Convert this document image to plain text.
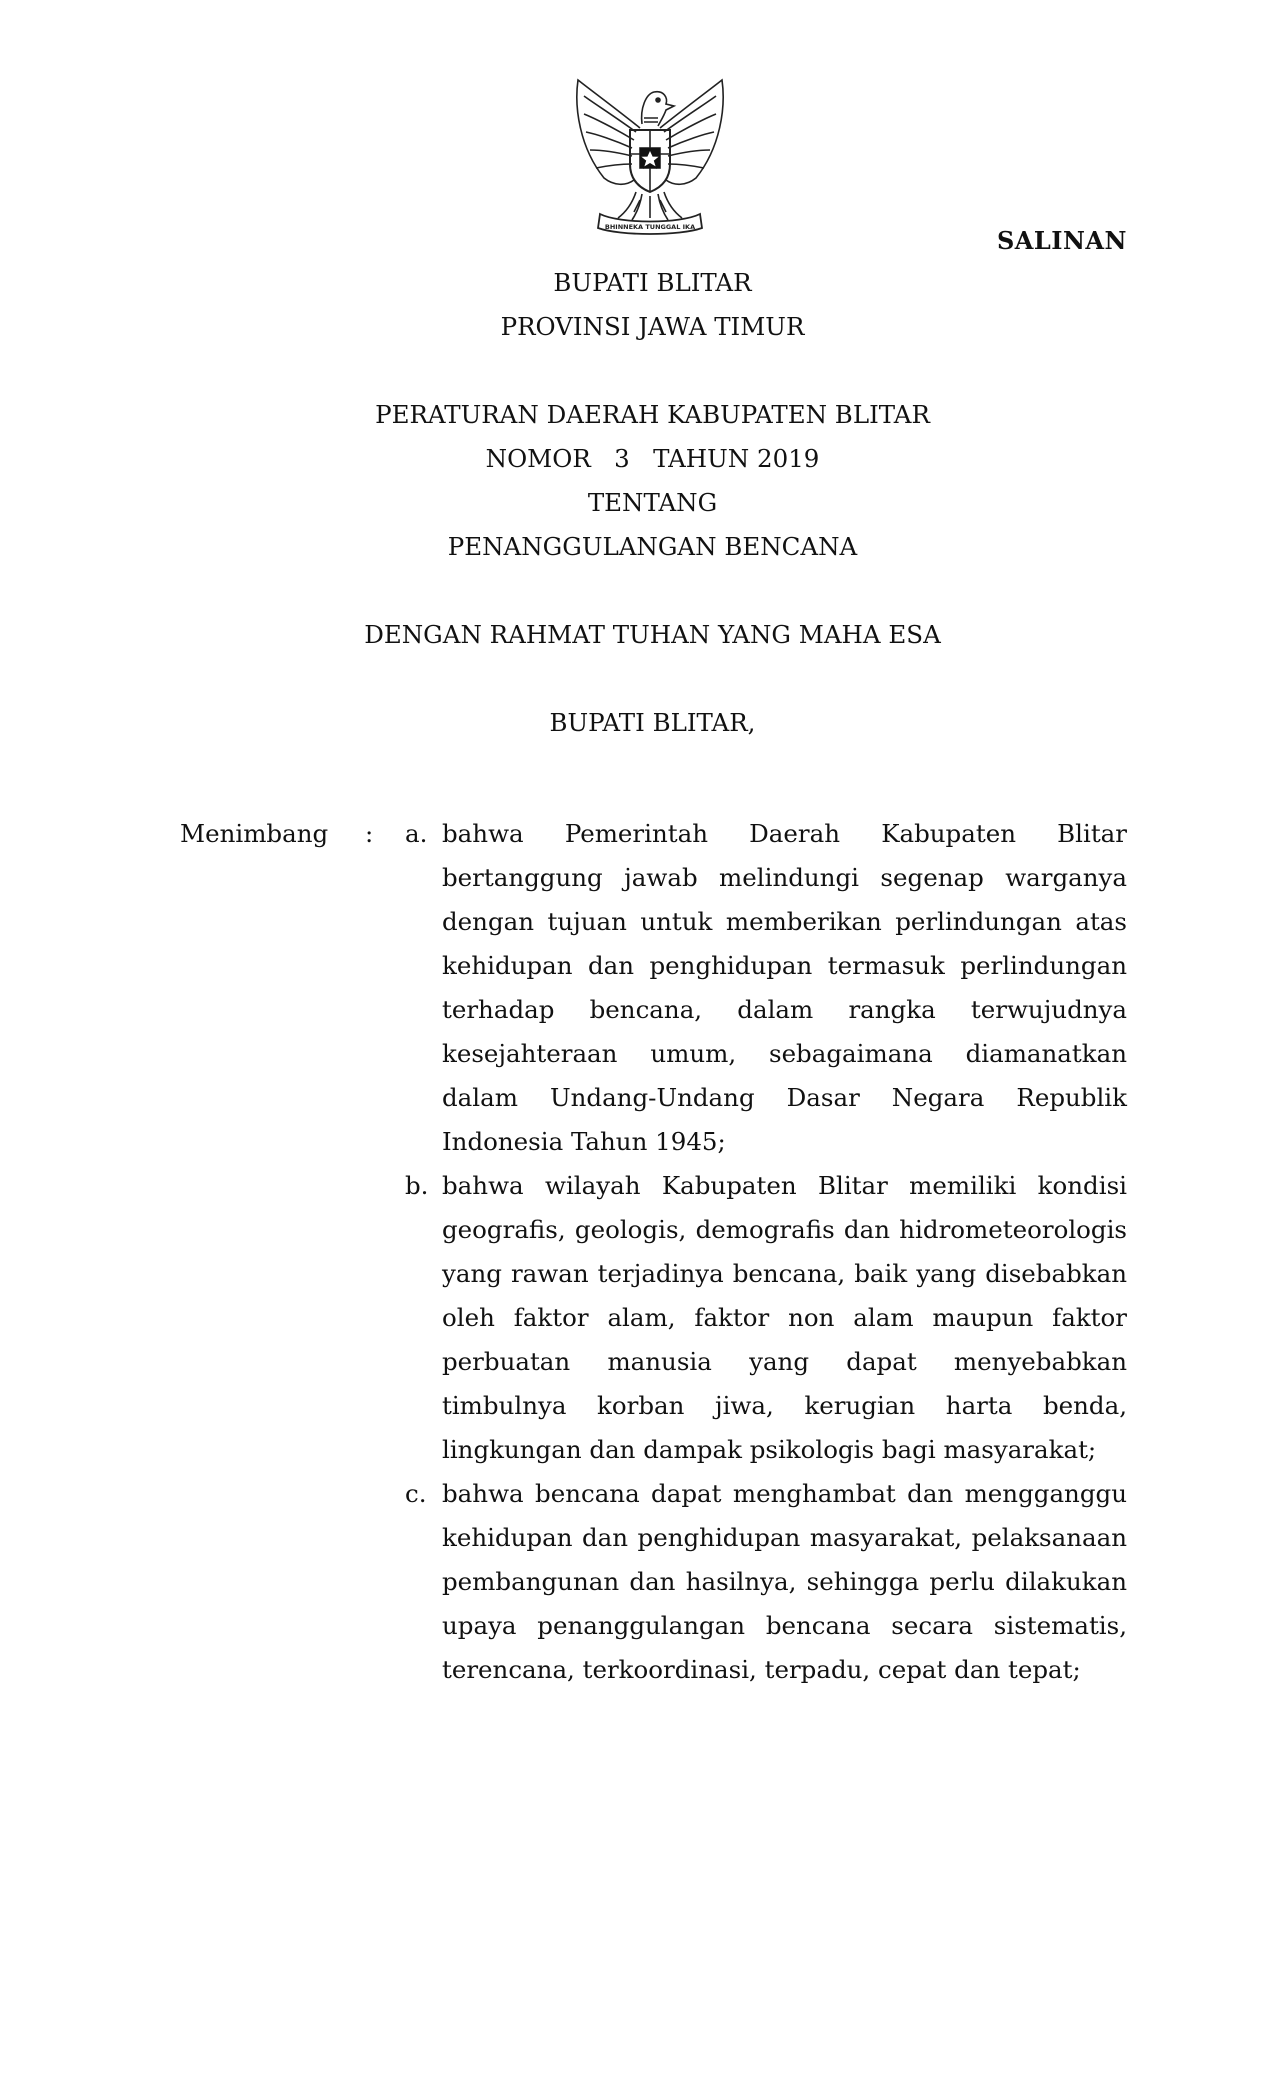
BHINNEKA TUNGGAL IKA	SALINAN
BUPATI BLITAR
PROVINSI JAWA TIMUR
PERATURAN DAERAH KABUPATEN BLITAR
NOMOR   3   TAHUN 2019
TENTANG
PENANGGULANGAN BENCANA
DENGAN RAHMAT TUHAN YANG MAHA ESA
BUPATI BLITAR,
Menimbang : a. bahwa Pemerintah Daerah Kabupaten Blitar bertanggung jawab melindungi segenap warganya dengan tujuan untuk memberikan perlindungan atas kehidupan dan penghidupan termasuk perlindungan terhadap bencana, dalam rangka terwujudnya kesejahteraan umum, sebagaimana diamanatkan dalam Undang-Undang Dasar Negara Republik Indonesia Tahun 1945;

b. bahwa wilayah Kabupaten Blitar memiliki kondisi geografis, geologis, demografis dan hidrometeorologis yang rawan terjadinya bencana, baik yang disebabkan oleh faktor alam, faktor non alam maupun faktor perbuatan manusia yang dapat menyebabkan timbulnya korban jiwa, kerugian harta benda, lingkungan dan dampak psikologis bagi masyarakat;

c. bahwa bencana dapat menghambat dan mengganggu kehidupan dan penghidupan masyarakat, pelaksanaan pembangunan dan hasilnya, sehingga perlu dilakukan upaya penanggulangan bencana secara sistematis, terencana, terkoordinasi, terpadu, cepat dan tepat;
